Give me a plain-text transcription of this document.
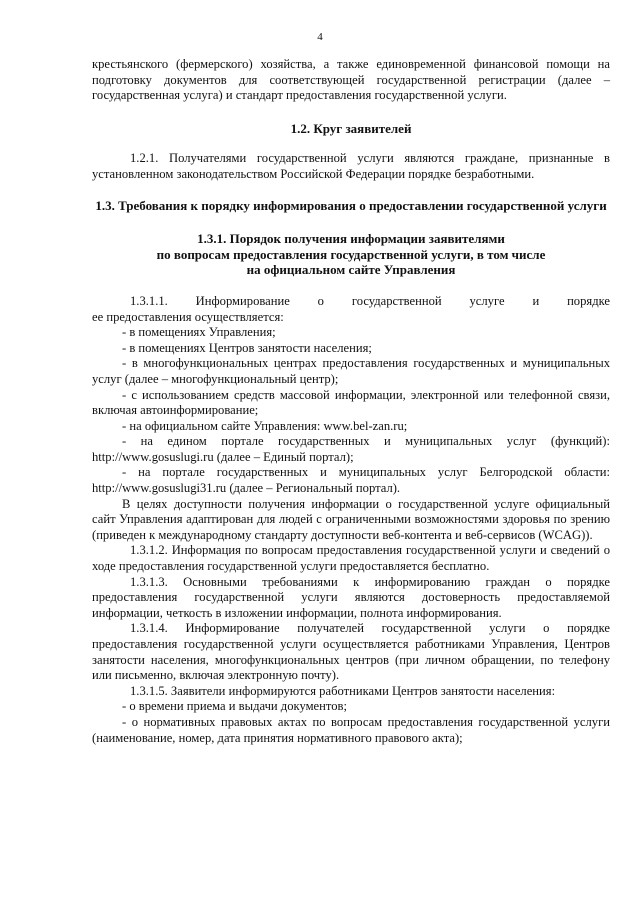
4

крестьянского (фермерского) хозяйства, а также единовременной финансовой помощи на подготовку документов для соответствующей государственной регистрации (далее – государственная услуга) и стандарт предоставления государственной услуги.

1.2. Круг заявителей

1.2.1. Получателями государственной услуги являются граждане, признанные в установленном законодательством Российской Федерации порядке безработными.

1.3. Требования к порядку информирования о предоставлении государственной услуги

1.3.1. Порядок получения информации заявителями

по вопросам предоставления государственной услуги, в том числе

на официальном сайте Управления

1.3.1.1. Информирование о государственной услуге и порядке

ее предоставления осуществляется:

- в помещениях Управления;

- в помещениях Центров занятости населения;

- в многофункциональных центрах предоставления государственных и муниципальных услуг (далее – многофункциональный центр);

- с использованием средств массовой информации, электронной или телефонной связи, включая автоинформирование;

- на официальном сайте Управления: www.bel-zan.ru;

- на едином портале государственных и муниципальных услуг (функций): http://www.gosuslugi.ru (далее – Единый портал);

- на портале государственных и муниципальных услуг Белгородской области: http://www.gosuslugi31.ru (далее – Региональный портал).

В целях доступности получения информации о государственной услуге официальный сайт Управления адаптирован для людей с ограниченными возможностями здоровья по зрению (приведен к международному стандарту доступности веб-контента и веб-сервисов (WCAG)).

1.3.1.2. Информация по вопросам предоставления государственной услуги и сведений о ходе предоставления государственной услуги предоставляется бесплатно.

1.3.1.3. Основными требованиями к информированию граждан о порядке предоставления государственной услуги являются достоверность предоставляемой информации, четкость в изложении информации, полнота информирования.

1.3.1.4. Информирование получателей государственной услуги о порядке предоставления государственной услуги осуществляется работниками Управления, Центров занятости населения, многофункциональных центров (при личном обращении, по телефону или письменно, включая электронную почту).

1.3.1.5. Заявители информируются работниками Центров занятости населения:

- о времени приема и выдачи документов;

- о нормативных правовых актах по вопросам предоставления государственной услуги (наименование, номер, дата принятия нормативного правового акта);
